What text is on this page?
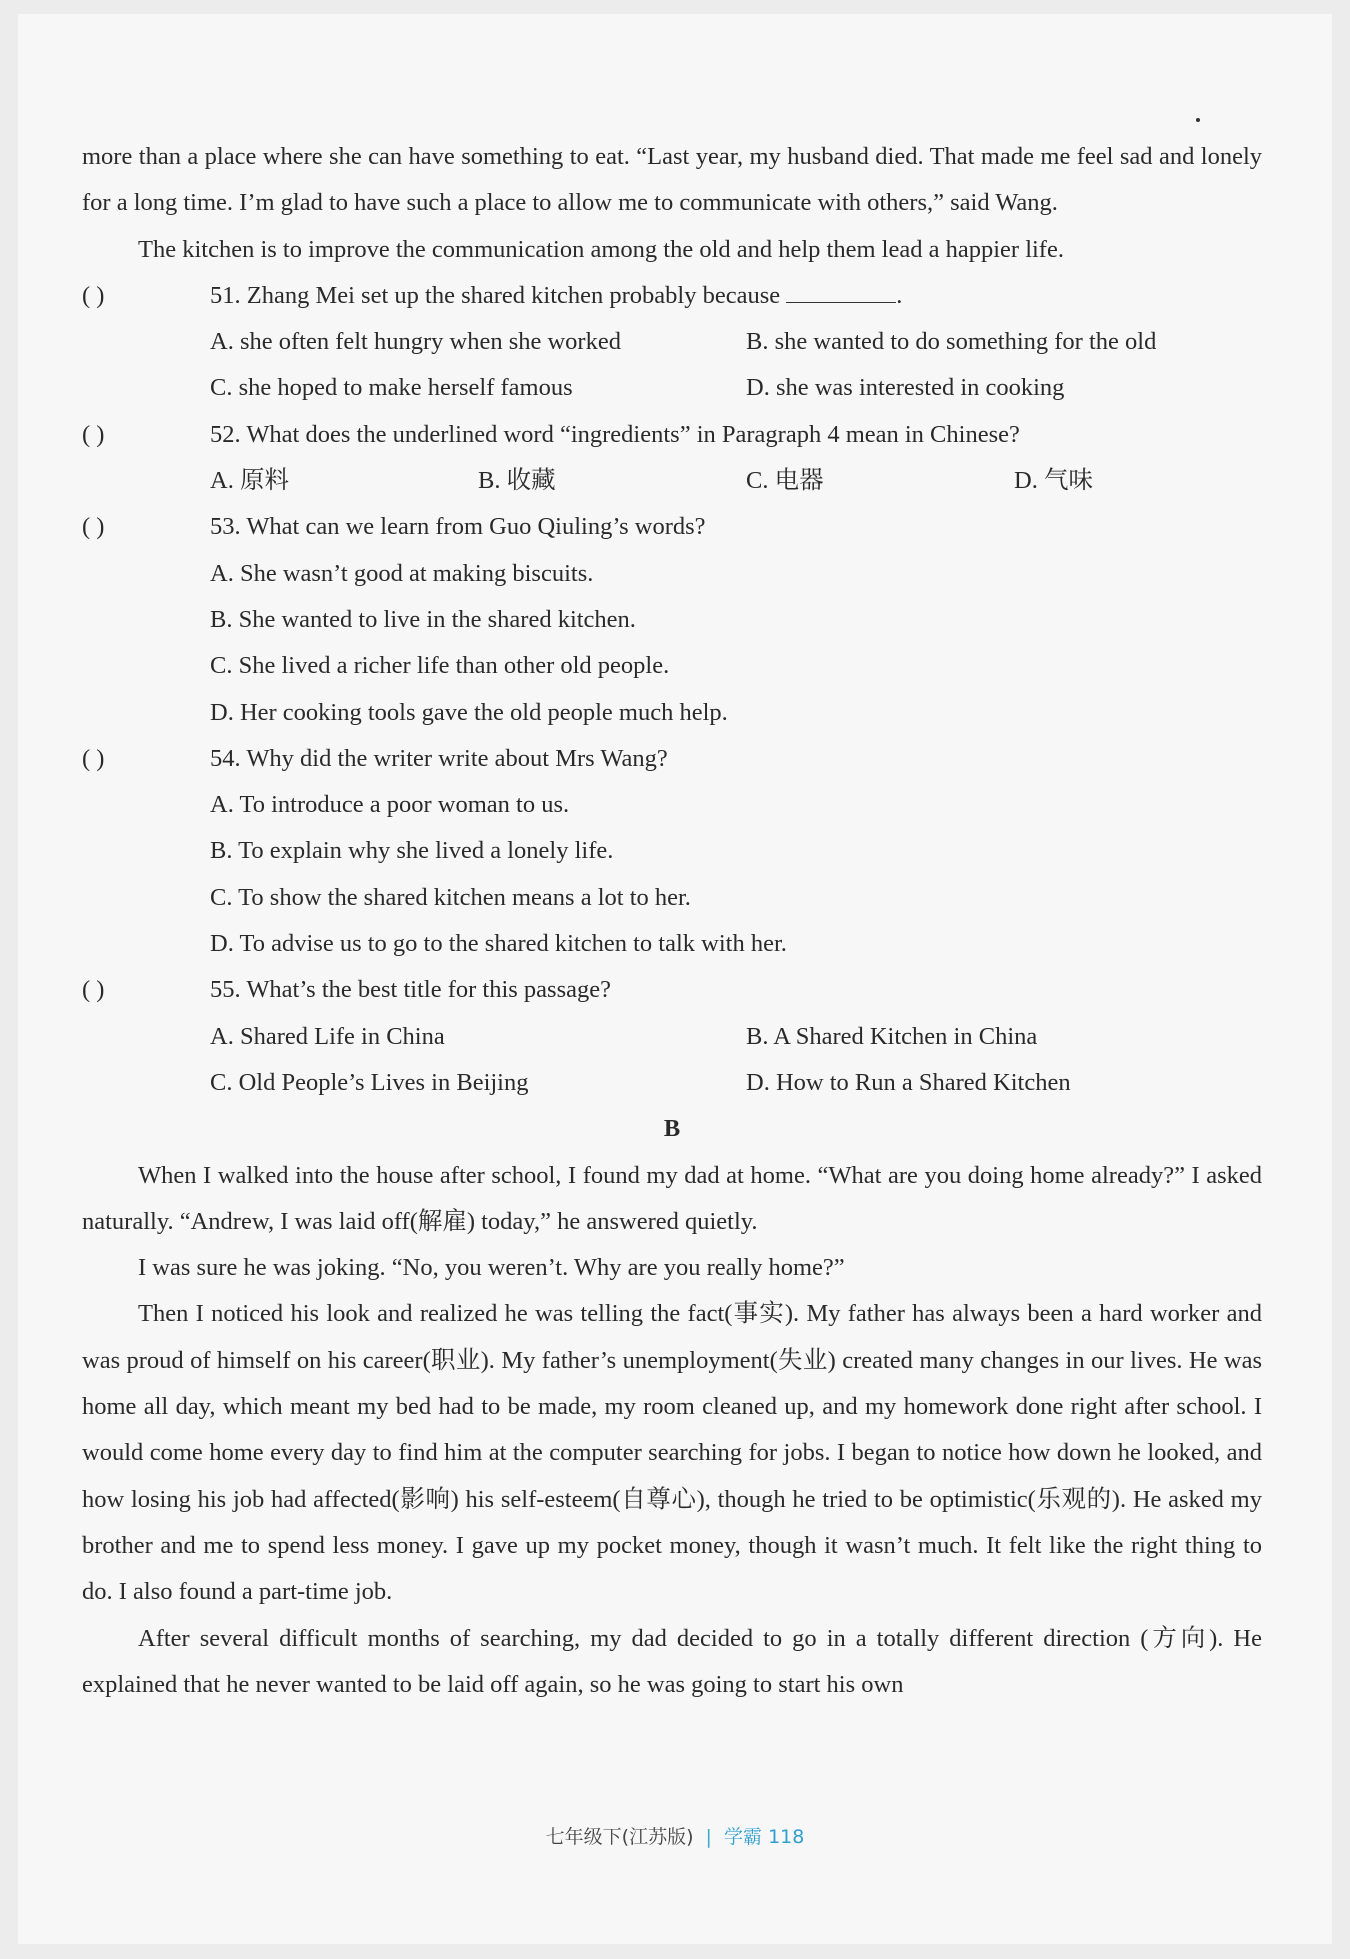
more than a place where she can have something to eat. “Last year, my husband died. That made me feel sad and lonely for a long time. I’m glad to have such a place to allow me to communicate with others,” said Wang.

The kitchen is to improve the communication among the old and help them lead a happier life.

( )	51. Zhang Mei set up the shared kitchen probably because	.
A. she often felt hungry when she worked	B. she wanted to do something for the old
C. she hoped to make herself famous	D. she was interested in cooking
( )	52. What does the underlined word “ingredients” in Paragraph 4 mean in Chinese?
A. 原料	B. 收藏	C. 电器	D. 气味
( )	53. What can we learn from Guo Qiuling’s words?

A. She wasn’t good at making biscuits.

B. She wanted to live in the shared kitchen.

C. She lived a richer life than other old people.

D. Her cooking tools gave the old people much help.

( )	54. Why did the writer write about Mrs Wang?

A. To introduce a poor woman to us.

B. To explain why she lived a lonely life.

C. To show the shared kitchen means a lot to her.

D. To advise us to go to the shared kitchen to talk with her.

( )	55. What’s the best title for this passage?
A. Shared Life in China	B. A Shared Kitchen in China
C. Old People’s Lives in Beijing	D. How to Run a Shared Kitchen

B

When I walked into the house after school, I found my dad at home. “What are you doing home already?” I asked naturally. “Andrew, I was laid off(解雇) today,” he answered quietly.

I was sure he was joking. “No, you weren’t. Why are you really home?”

Then I noticed his look and realized he was telling the fact(事实). My father has always been a hard worker and was proud of himself on his career(职业). My father’s unemployment(失业) created many changes in our lives. He was home all day, which meant my bed had to be made, my room cleaned up, and my homework done right after school. I would come home every day to find him at the computer searching for jobs. I began to notice how down he looked, and how losing his job had affected(影响) his self-esteem(自尊心), though he tried to be optimistic(乐观的). He asked my brother and me to spend less money. I gave up my pocket money, though it wasn’t much. It felt like the right thing to do. I also found a part-time job.

After several difficult months of searching, my dad decided to go in a totally different direction (方向). He explained that he never wanted to be laid off again, so he was going to start his own

七年级下(江苏版) | 学霸 118
